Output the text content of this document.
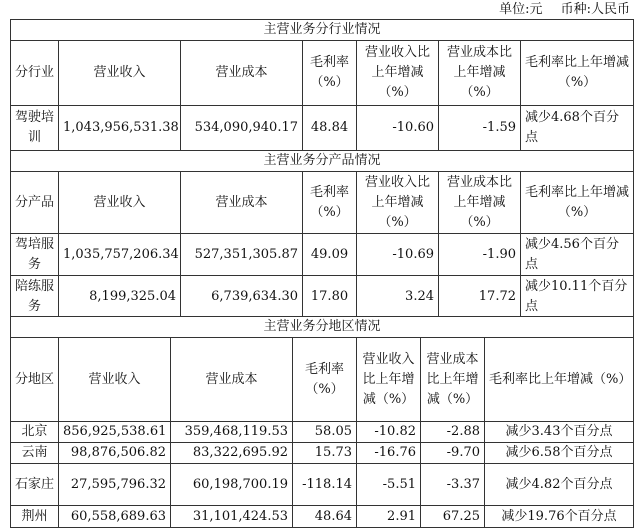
单位:元 币种:人民币
主营业务分行业情况						
分行业	营业收入	营业成本	毛利率（%）	营业收入比上年增减（%）	营业成本比上年增减（%）	毛利率比上年增减（%）
驾驶培训	1,043,956,531.38	534,090,940.17	48.84	-10.60	-1.59	减少4.68个百分点
主营业务分产品情况						
分产品	营业收入	营业成本	毛利率（%）	营业收入比上年增减（%）	营业成本比上年增减（%）	毛利率比上年增减（%）
驾培服务	1,035,757,206.34	527,351,305.87	49.09	-10.69	-1.90	减少4.56个百分点
陪练服务	8,199,325.04	6,739,634.30	17.80	3.24	17.72	减少10.11个百分点
主营业务分地区情况						
分地区	营业收入	营业成本	毛利率（%）	营业收入比上年增减（%）	营业成本比上年增减（%）	毛利率比上年增减（%）
北京	856,925,538.61	359,468,119.53	58.05	-10.82	-2.88	减少3.43个百分点
云南	98,876,506.82	83,322,695.92	15.73	-16.76	-9.70	减少6.58个百分点
石家庄	27,595,796.32	60,198,700.19	-118.14	-5.51	-3.37	减少4.82个百分点
荆州	60,558,689.63	31,101,424.53	48.64	2.91	67.25	减少19.76个百分点
